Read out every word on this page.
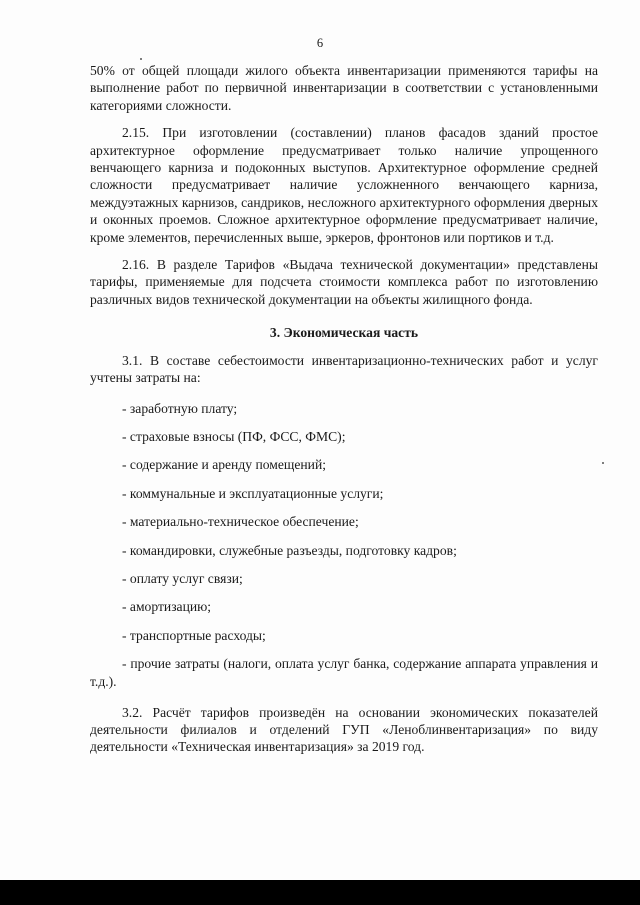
6

50% от общей площади жилого объекта инвентаризации применяются тарифы на выполнение работ по первичной инвентаризации в соответствии с установленными категориями сложности.

2.15. При изготовлении (составлении) планов фасадов зданий простое архитектурное оформление предусматривает только наличие упрощенного венчающего карниза и подоконных выступов. Архитектурное оформление средней сложности предусматривает наличие усложненного венчающего карниза, междуэтажных карнизов, сандриков, несложного архитектурного оформления дверных и оконных проемов. Сложное архитектурное оформление предусматривает наличие, кроме элементов, перечисленных выше, эркеров, фронтонов или портиков и т.д.

2.16. В разделе Тарифов «Выдача технической документации» представлены тарифы, применяемые для подсчета стоимости комплекса работ по изготовлению различных видов технической документации на объекты жилищного фонда.

3. Экономическая часть

3.1. В составе себестоимости инвентаризационно-технических работ и услуг учтены затраты на:

- заработную плату;
- страховые взносы (ПФ, ФСС, ФМС);
- содержание и аренду помещений;
- коммунальные и эксплуатационные услуги;
- материально-техническое обеспечение;
- командировки, служебные разъезды, подготовку кадров;
- оплату услуг связи;
- амортизацию;
- транспортные расходы;

- прочие затраты (налоги, оплата услуг банка, содержание аппарата управления и т.д.).

3.2. Расчёт тарифов произведён на основании экономических показателей деятельности филиалов и отделений ГУП «Леноблинвентаризация» по виду деятельности «Техническая инвентаризация» за 2019 год.
